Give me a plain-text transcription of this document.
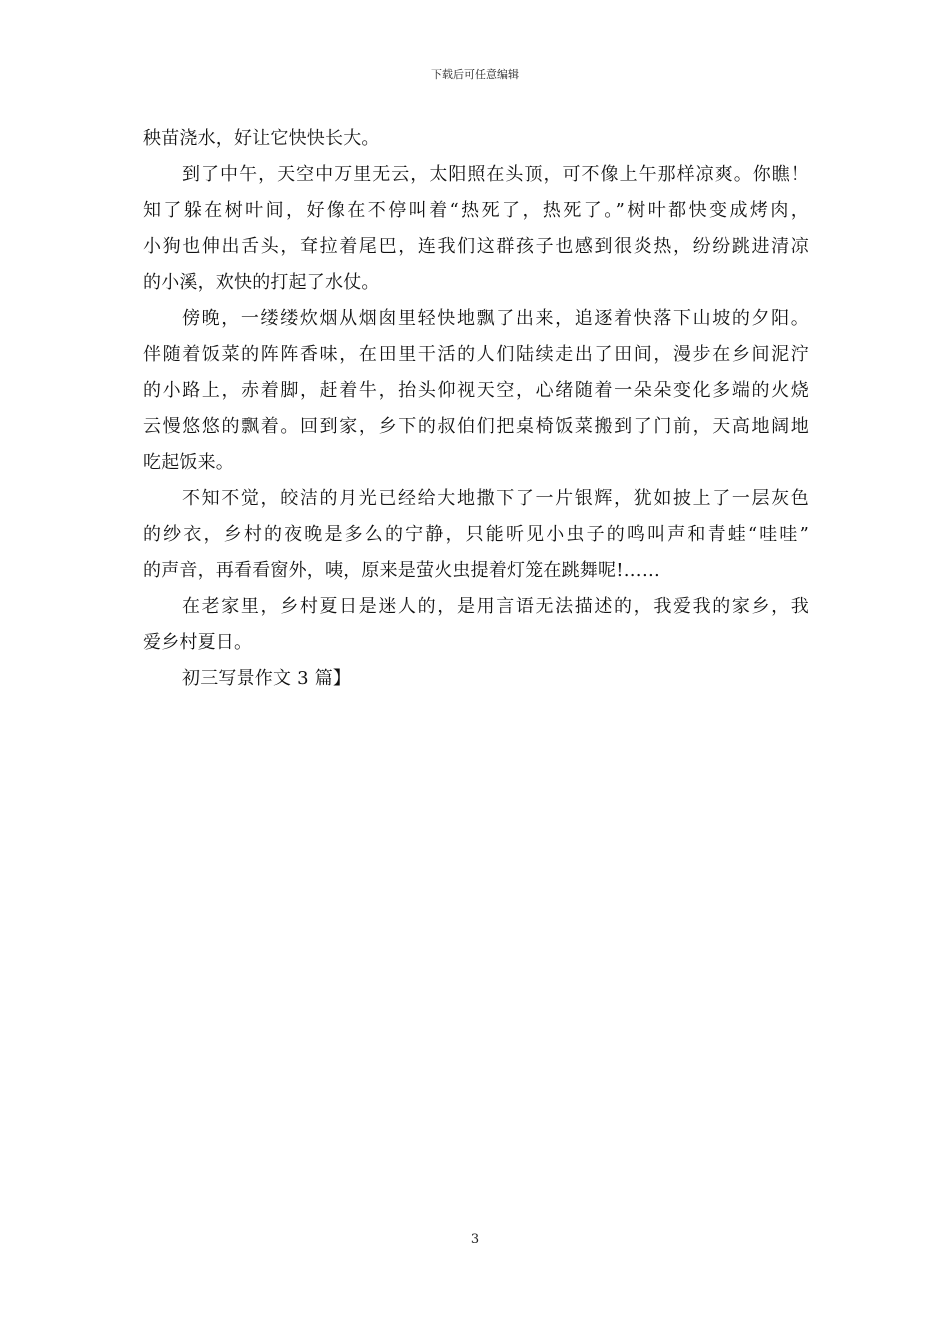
下载后可任意编辑
秧苗浇水，好让它快快长大。
到了中午，天空中万里无云，太阳照在头顶，可不像上午那样凉爽。你瞧！
知了躲在树叶间，好像在不停叫着“热死了，热死了。”树叶都快变成烤肉，
小狗也伸出舌头，耷拉着尾巴，连我们这群孩子也感到很炎热，纷纷跳进清凉
的小溪，欢快的打起了水仗。
傍晚，一缕缕炊烟从烟囱里轻快地飘了出来，追逐着快落下山坡的夕阳。
伴随着饭菜的阵阵香味，在田里干活的人们陆续走出了田间，漫步在乡间泥泞
的小路上，赤着脚，赶着牛，抬头仰视天空，心绪随着一朵朵变化多端的火烧
云慢悠悠的飘着。回到家，乡下的叔伯们把桌椅饭菜搬到了门前，天高地阔地
吃起饭来。
不知不觉，皎洁的月光已经给大地撒下了一片银辉，犹如披上了一层灰色
的纱衣，乡村的夜晚是多么的宁静，只能听见小虫子的鸣叫声和青蛙“哇哇”
的声音，再看看窗外，咦，原来是萤火虫提着灯笼在跳舞呢!……
在老家里，乡村夏日是迷人的，是用言语无法描述的，我爱我的家乡，我
爱乡村夏日。
初三写景作文 3 篇】
3
